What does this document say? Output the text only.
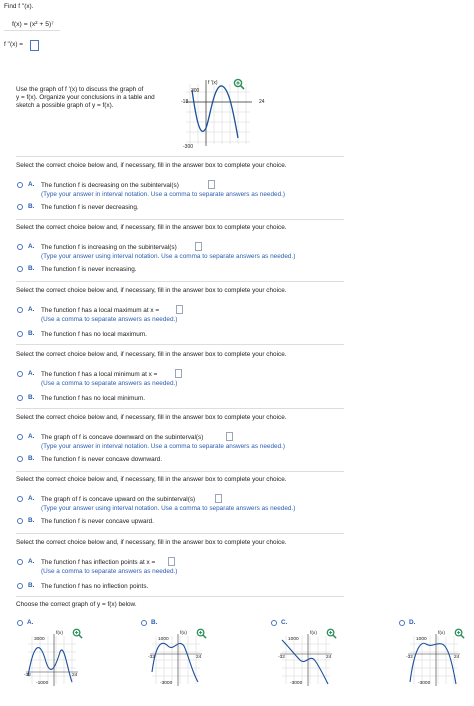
Find f ''(x).
f(x) = (x² + 5)⁷
f ''(x) =
Use the graph of f '(x) to discuss the graph of
y = f(x). Organize your conclusions in a table and
sketch a possible graph of y = f(x).
f '(x)
300
-300
-18	24
Select the correct choice below and, if necessary, fill in the answer box to complete your choice.
A. The function f is decreasing on the subinterval(s)
(Type your answer in interval notation. Use a comma to separate answers as needed.)
B. The function f is never decreasing.
Select the correct choice below and, if necessary, fill in the answer box to complete your choice.
A. The function f is increasing on the subinterval(s)
(Type your answer using interval notation. Use a comma to separate answers as needed.)
B. The function f is never increasing.
Select the correct choice below and, if necessary, fill in the answer box to complete your choice.
A. The function f has a local maximum at x =
(Use a comma to separate answers as needed.)
B. The function f has no local maximum.
Select the correct choice below and, if necessary, fill in the answer box to complete your choice.
A. The function f has a local minimum at x =
(Use a comma to separate answers as needed.)
B. The function f has no local minimum.
Select the correct choice below and, if necessary, fill in the answer box to complete your choice.
A. The graph of f is concave downward on the subinterval(s)
(Type your answer in interval notation. Use a comma to separate answers as needed.)
B. The function f is never concave downward.
Select the correct choice below and, if necessary, fill in the answer box to complete your choice.
A. The graph of f is concave upward on the subinterval(s)
(Type your answer using interval notation. Use a comma to separate answers as needed.)
B. The function f is never concave upward.
Select the correct choice below and, if necessary, fill in the answer box to complete your choice.
A. The function f has inflection points at x =
(Use a comma to separate answers as needed.)
B. The function f has no inflection points.
Choose the correct graph of y = f(x) below.
A.
f(x)
3000
-1000
-32	24
B.
f(x)
1000
-3000
-32	24
C.
f(x)
1000
-3000
-32	24
D.
f(x)
1000
-3000
-32	24
